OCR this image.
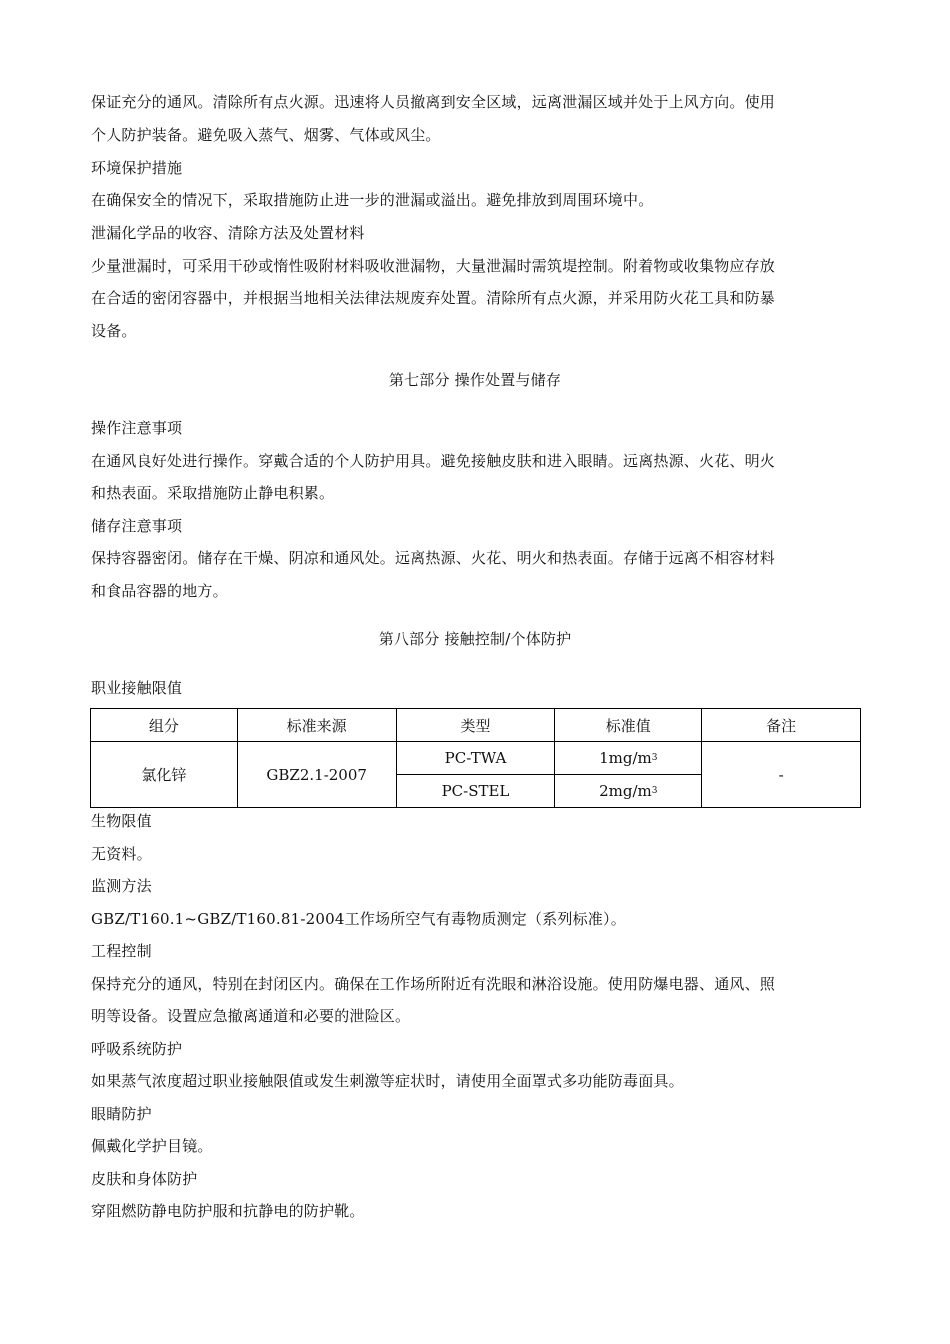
保证充分的通风。清除所有点火源。迅速将人员撤离到安全区域，远离泄漏区域并处于上风方向。使用
个人防护装备。避免吸入蒸气、烟雾、气体或风尘。
环境保护措施
在确保安全的情况下，采取措施防止进一步的泄漏或溢出。避免排放到周围环境中。
泄漏化学品的收容、清除方法及处置材料
少量泄漏时，可采用干砂或惰性吸附材料吸收泄漏物，大量泄漏时需筑堤控制。附着物或收集物应存放
在合适的密闭容器中，并根据当地相关法律法规废弃处置。清除所有点火源，并采用防火花工具和防暴
设备。
第七部分 操作处置与储存
操作注意事项
在通风良好处进行操作。穿戴合适的个人防护用具。避免接触皮肤和进入眼睛。远离热源、火花、明火
和热表面。采取措施防止静电积累。
储存注意事项
保持容器密闭。储存在干燥、阴凉和通风处。远离热源、火花、明火和热表面。存储于远离不相容材料
和食品容器的地方。
第八部分 接触控制/个体防护
职业接触限值
组分	标准来源	类型	标准值	备注
氯化锌	GBZ2.1-2007	PC-TWA	$1mg/m^3$	-
		PC-STEL	$2mg/m^3$
生物限值
无资料。
监测方法
GBZ/T160.1~GBZ/T160.81-2004工作场所空气有毒物质测定（系列标准）。
工程控制
保持充分的通风，特别在封闭区内。确保在工作场所附近有洗眼和淋浴设施。使用防爆电器、通风、照
明等设备。设置应急撤离通道和必要的泄险区。
呼吸系统防护
如果蒸气浓度超过职业接触限值或发生刺激等症状时，请使用全面罩式多功能防毒面具。
眼睛防护
佩戴化学护目镜。
皮肤和身体防护
穿阻燃防静电防护服和抗静电的防护靴。
